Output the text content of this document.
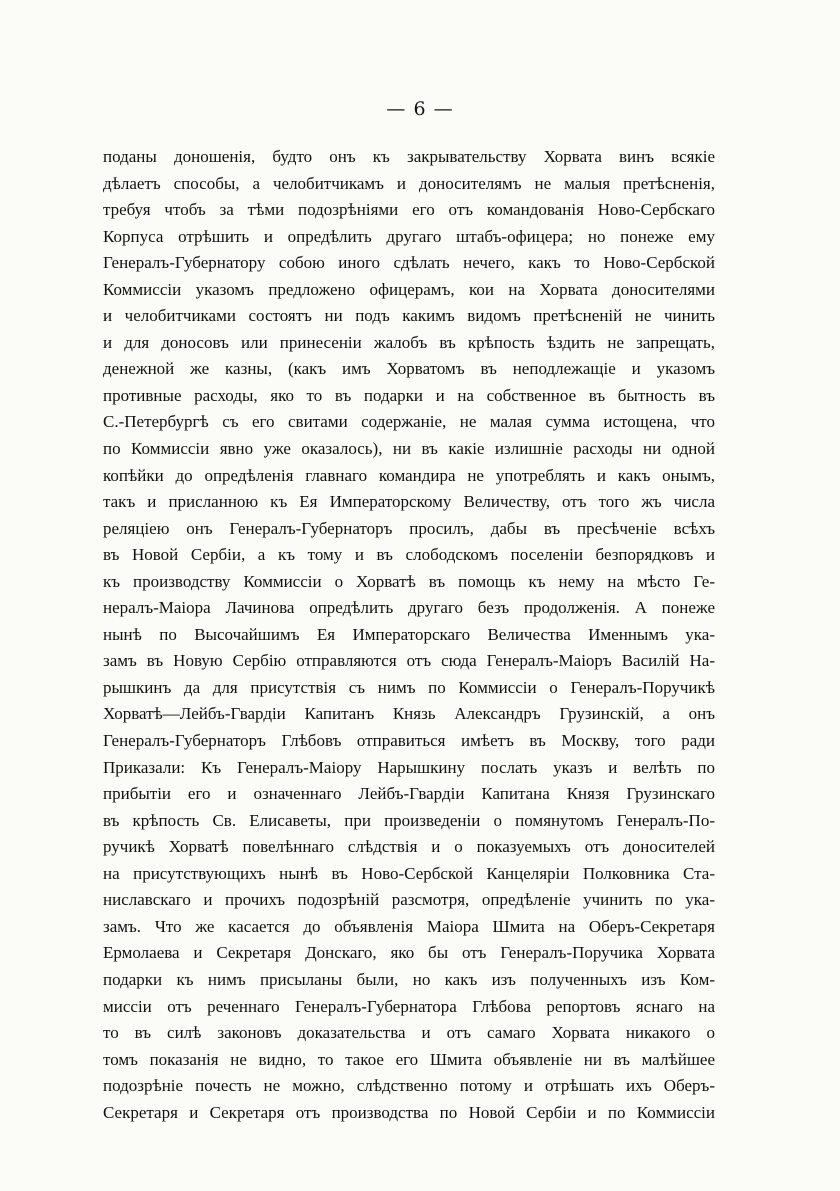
— 6 —
поданы доношенія, будто онъ къ закрывательству Хорвата винъ всякіе
дѣлаетъ способы, а челобитчикамъ и доносителямъ не малыя претѣсненія,
требуя чтобъ за тѣми подозрѣніями его отъ командованія Ново-Сербскаго
Корпуса отрѣшить и опредѣлить другаго штабъ-офицера; но понеже ему
Генералъ-Губернатору собою иного сдѣлать нечего, какъ то Ново-Сербской
Коммиссіи указомъ предложено офицерамъ, кои на Хорвата доносителями
и челобитчиками состоятъ ни подъ какимъ видомъ претѣсненій не чинить
и для доносовъ или принесеніи жалобъ въ крѣпость ѣздить не запрещать,
денежной же казны, (какъ имъ Хорватомъ въ неподлежащіе и указомъ
противные расходы, яко то въ подарки и на собственное въ бытность въ
С.-Петербургѣ съ его свитами содержаніе, не малая сумма истощена, что
по Коммиссіи явно уже оказалось), ни въ какіе излишніе расходы ни одной
копѣйки до опредѣленія главнаго командира не употреблять и какъ онымъ,
такъ и присланною къ Ея Императорскому Величеству, отъ того жъ числа
реляціею онъ Генералъ-Губернаторъ просилъ, дабы въ пресѣченіе всѣхъ
въ Новой Сербіи, а къ тому и въ слободскомъ поселеніи безпорядковъ и
къ производству Коммиссіи о Хорватѣ въ помощь къ нему на мѣсто Ге-
нералъ-Маіора Лачинова опредѣлить другаго безъ продолженія. А понеже
нынѣ по Высочайшимъ Ея Императорскаго Величества Именнымъ ука-
замъ въ Новую Сербію отправляются отъ сюда Генералъ-Маіоръ Василій На-
рышкинъ да для присутствія съ нимъ по Коммиссіи о Генералъ-Поручикѣ
Хорватѣ—Лейбъ-Гвардіи Капитанъ Князь Александръ Грузинскій, а онъ
Генералъ-Губернаторъ Глѣбовъ отправиться имѣетъ въ Москву, того ради
Приказали: Къ Генералъ-Маіору Нарышкину послать указъ и велѣть по
прибытіи его и означеннаго Лейбъ-Гвардіи Капитана Князя Грузинскаго
въ крѣпость Св. Елисаветы, при произведеніи о помянутомъ Генералъ-По-
ручикѣ Хорватѣ повелѣннаго слѣдствія и о показуемыхъ отъ доносителей
на присутствующихъ нынѣ въ Ново-Сербской Канцеляріи Полковника Ста-
ниславскаго и прочихъ подозрѣній разсмотря, опредѣленіе учинить по ука-
замъ. Что же касается до объявленія Маіора Шмита на Оберъ-Секретаря
Ермолаева и Секретаря Донскаго, яко бы отъ Генералъ-Поручика Хорвата
подарки къ нимъ присыланы были, но какъ изъ полученныхъ изъ Ком-
миссіи отъ реченнаго Генералъ-Губернатора Глѣбова репортовъ яснаго на
то въ силѣ законовъ доказательства и отъ самаго Хорвата никакого о
томъ показанія не видно, то такое его Шмита объявленіе ни въ малѣйшее
подозрѣніе почесть не можно, слѣдственно потому и отрѣшать ихъ Оберъ-
Секретаря и Секретаря отъ производства по Новой Сербіи и по Коммиссіи
